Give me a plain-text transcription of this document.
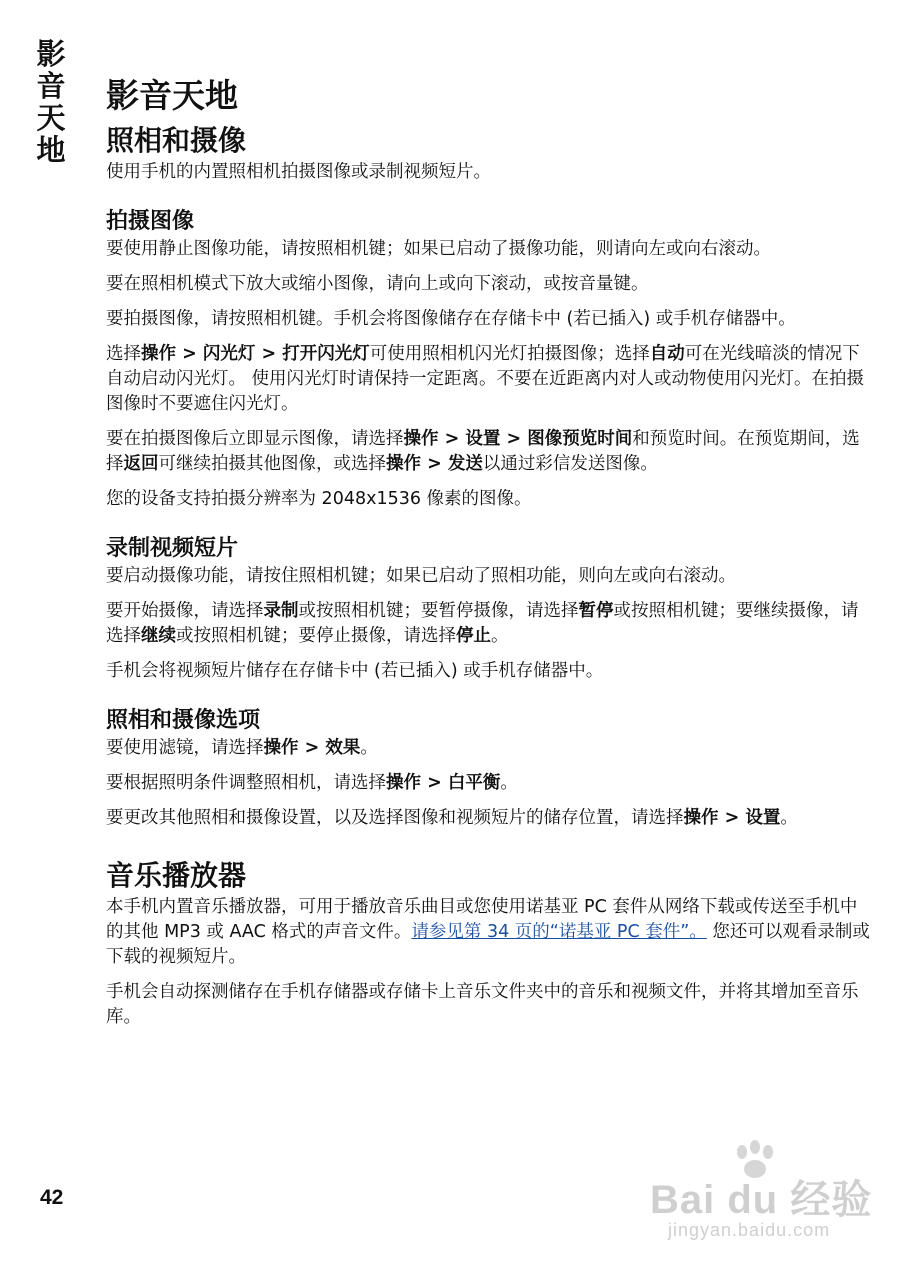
影
音
天
地
影音天地
照相和摄像

使用手机的内置照相机拍摄图像或录制视频短片。

拍摄图像

要使用静止图像功能，请按照相机键；如果已启动了摄像功能，则请向左或向右滚动。

要在照相机模式下放大或缩小图像，请向上或向下滚动，或按音量键。

要拍摄图像，请按照相机键。手机会将图像储存在存储卡中 (若已插入) 或手机存储器中。

选择操作 > 闪光灯 > 打开闪光灯可使用照相机闪光灯拍摄图像；选择自动可在光线暗淡的情况下自动启动闪光灯。 使用闪光灯时请保持一定距离。不要在近距离内对人或动物使用闪光灯。在拍摄图像时不要遮住闪光灯。

要在拍摄图像后立即显示图像，请选择操作 > 设置 > 图像预览时间和预览时间。在预览期间，选择返回可继续拍摄其他图像，或选择操作 > 发送以通过彩信发送图像。

您的设备支持拍摄分辨率为 2048x1536 像素的图像。

录制视频短片

要启动摄像功能，请按住照相机键；如果已启动了照相功能，则向左或向右滚动。

要开始摄像，请选择录制或按照相机键；要暂停摄像，请选择暂停或按照相机键；要继续摄像，请选择继续或按照相机键；要停止摄像，请选择停止。

手机会将视频短片储存在存储卡中 (若已插入) 或手机存储器中。

照相和摄像选项

要使用滤镜，请选择操作 > 效果。

要根据照明条件调整照相机，请选择操作 > 白平衡。

要更改其他照相和摄像设置，以及选择图像和视频短片的储存位置，请选择操作 > 设置。

音乐播放器

本手机内置音乐播放器，可用于播放音乐曲目或您使用诺基亚 PC 套件从网络下载或传送至手机中的其他 MP3 或 AAC 格式的声音文件。请参见第 34 页的“诺基亚 PC 套件”。 您还可以观看录制或下载的视频短片。

手机会自动探测储存在手机存储器或存储卡上音乐文件夹中的音乐和视频文件，并将其增加至音乐库。

42	Bai du 经验
jingyan.baidu.com
